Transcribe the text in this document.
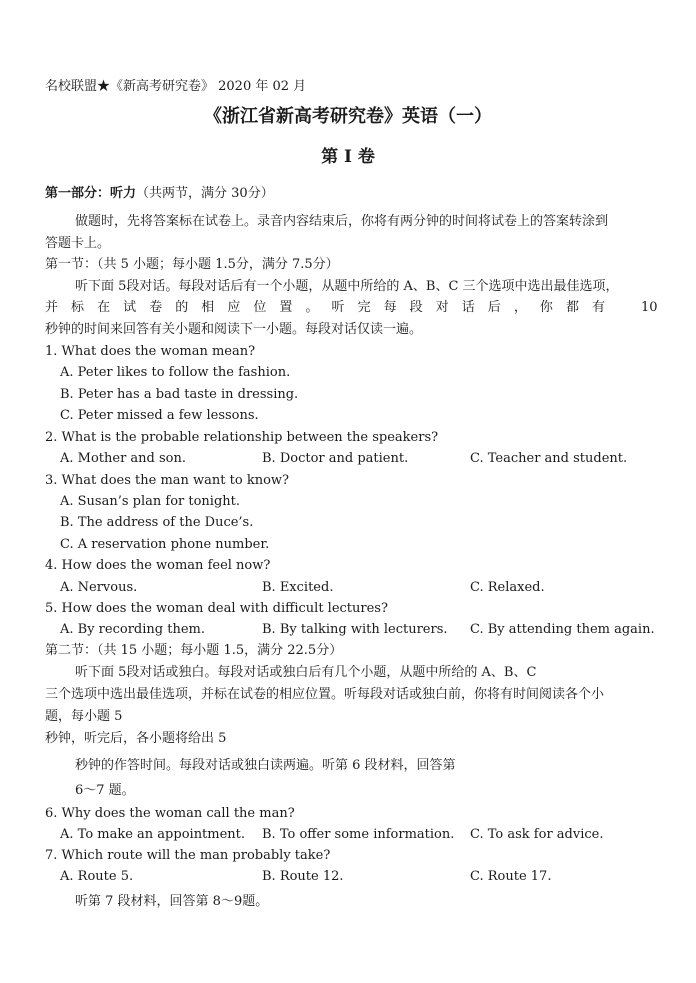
名校联盟★《新高考研究卷》 2020 年 02 月
《浙江省新高考研究卷》英语（一）
第 I 卷
第一部分：听力（共两节，满分 30分）
做题时，先将答案标在试卷上。录音内容结束后，你将有两分钟的时间将试卷上的答案转涂到
答题卡上。
第一节：（共 5 小题；每小题 1.5分，满分 7.5分）
听下面 5段对话。每段对话后有一个小题，从题中所给的 A、B、C 三个选项中选出最佳选项，
并 标 在 试 卷 的 相 应 位 置 。 听 完 每 段 对 话 后 ， 你 都 有	10
秒钟的时间来回答有关小题和阅读下一小题。每段对话仅读一遍。
1. What does the woman mean?
A. Peter likes to follow the fashion.
B. Peter has a bad taste in dressing.
C. Peter missed a few lessons.
2. What is the probable relationship between the speakers?
A. Mother and son.	B. Doctor and patient.	C. Teacher and student.
3. What does the man want to know?
A. Susan’s plan for tonight.
B. The address of the Duce’s.
C. A reservation phone number.
4. How does the woman feel now?
A. Nervous.	B. Excited.	C. Relaxed.
5. How does the woman deal with difficult lectures?
A. By recording them.	B. By talking with lecturers. C. By attending them again.
第二节：（共 15 小题；每小题 1.5，满分 22.5分）
听下面 5段对话或独白。每段对话或独白后有几个小题，从题中所给的 A、B、C
三个选项中选出最佳选项，并标在试卷的相应位置。听每段对话或独白前，你将有时间阅读各个小
题，每小题 5
秒钟，听完后，各小题将给出 5
秒钟的作答时间。每段对话或独白读两遍。听第 6 段材料，回答第
6～7 题。
6. Why does the woman call the man?
A. To make an appointment. B. To offer some information. C. To ask for advice.
7. Which route will the man probably take?
A. Route 5.	B. Route 12.	C. Route 17.
听第 7 段材料，回答第 8～9题。
